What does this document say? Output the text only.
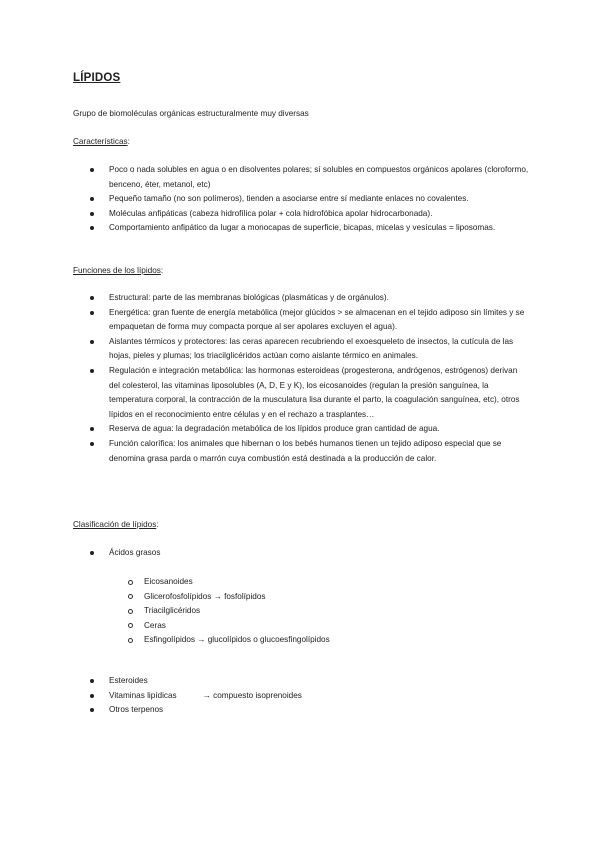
LÍPIDOS
Grupo de biomoléculas orgánicas estructuralmente muy diversas
Características:
Poco o nada solubles en agua o en disolventes polares; sí solubles en compuestos orgánicos apolares (cloroformo, benceno, éter, metanol, etc)
Pequeño tamaño (no son polímeros), tienden a asociarse entre sí mediante enlaces no covalentes.
Moléculas anfipáticas (cabeza hidrofílica polar + cola hidrofóbica apolar hidrocarbonada).
Comportamiento anfipático da lugar a monocapas de superficie, bicapas, micelas y vesículas = liposomas.
Funciones de los lípidos:
Estructural: parte de las membranas biológicas (plasmáticas y de orgánulos).
Energética: gran fuente de energía metabólica (mejor glúcidos > se almacenan en el tejido adiposo sin límites y se empaquetan de forma muy compacta porque al ser apolares excluyen el agua).
Aislantes térmicos y protectores: las ceras aparecen recubriendo el exoesqueleto de insectos, la cutícula de las hojas, pieles y plumas; los triacilglicéridos actúan como aislante térmico en animales.
Regulación e integración metabólica: las hormonas esteroideas (progesterona, andrógenos, estrógenos) derivan del colesterol, las vitaminas liposolubles (A, D, E y K), los eicosanoides (regulan la presión sanguínea, la temperatura corporal, la contracción de la musculatura lisa durante el parto, la coagulación sanguínea, etc), otros lípidos en el reconocimiento entre células y en el rechazo a trasplantes…
Reserva de agua: la degradación metabólica de los lípidos produce gran cantidad de agua.
Función calorífica: los animales que hibernan o los bebés humanos tienen un tejido adiposo especial que se denomina grasa parda o marrón cuya combustión está destinada a la producción de calor.
Clasificación de lípidos:
Ácidos grasos
Eicosanoides
Glicerofosfolípidos → fosfolípidos
Triacilglicéridos
Ceras
Esfingolípidos → glucolípidos o glucoesfingolípidos
Esteroides
Vitaminas lipídicas	→ compuesto isoprenoides
Otros terpenos
